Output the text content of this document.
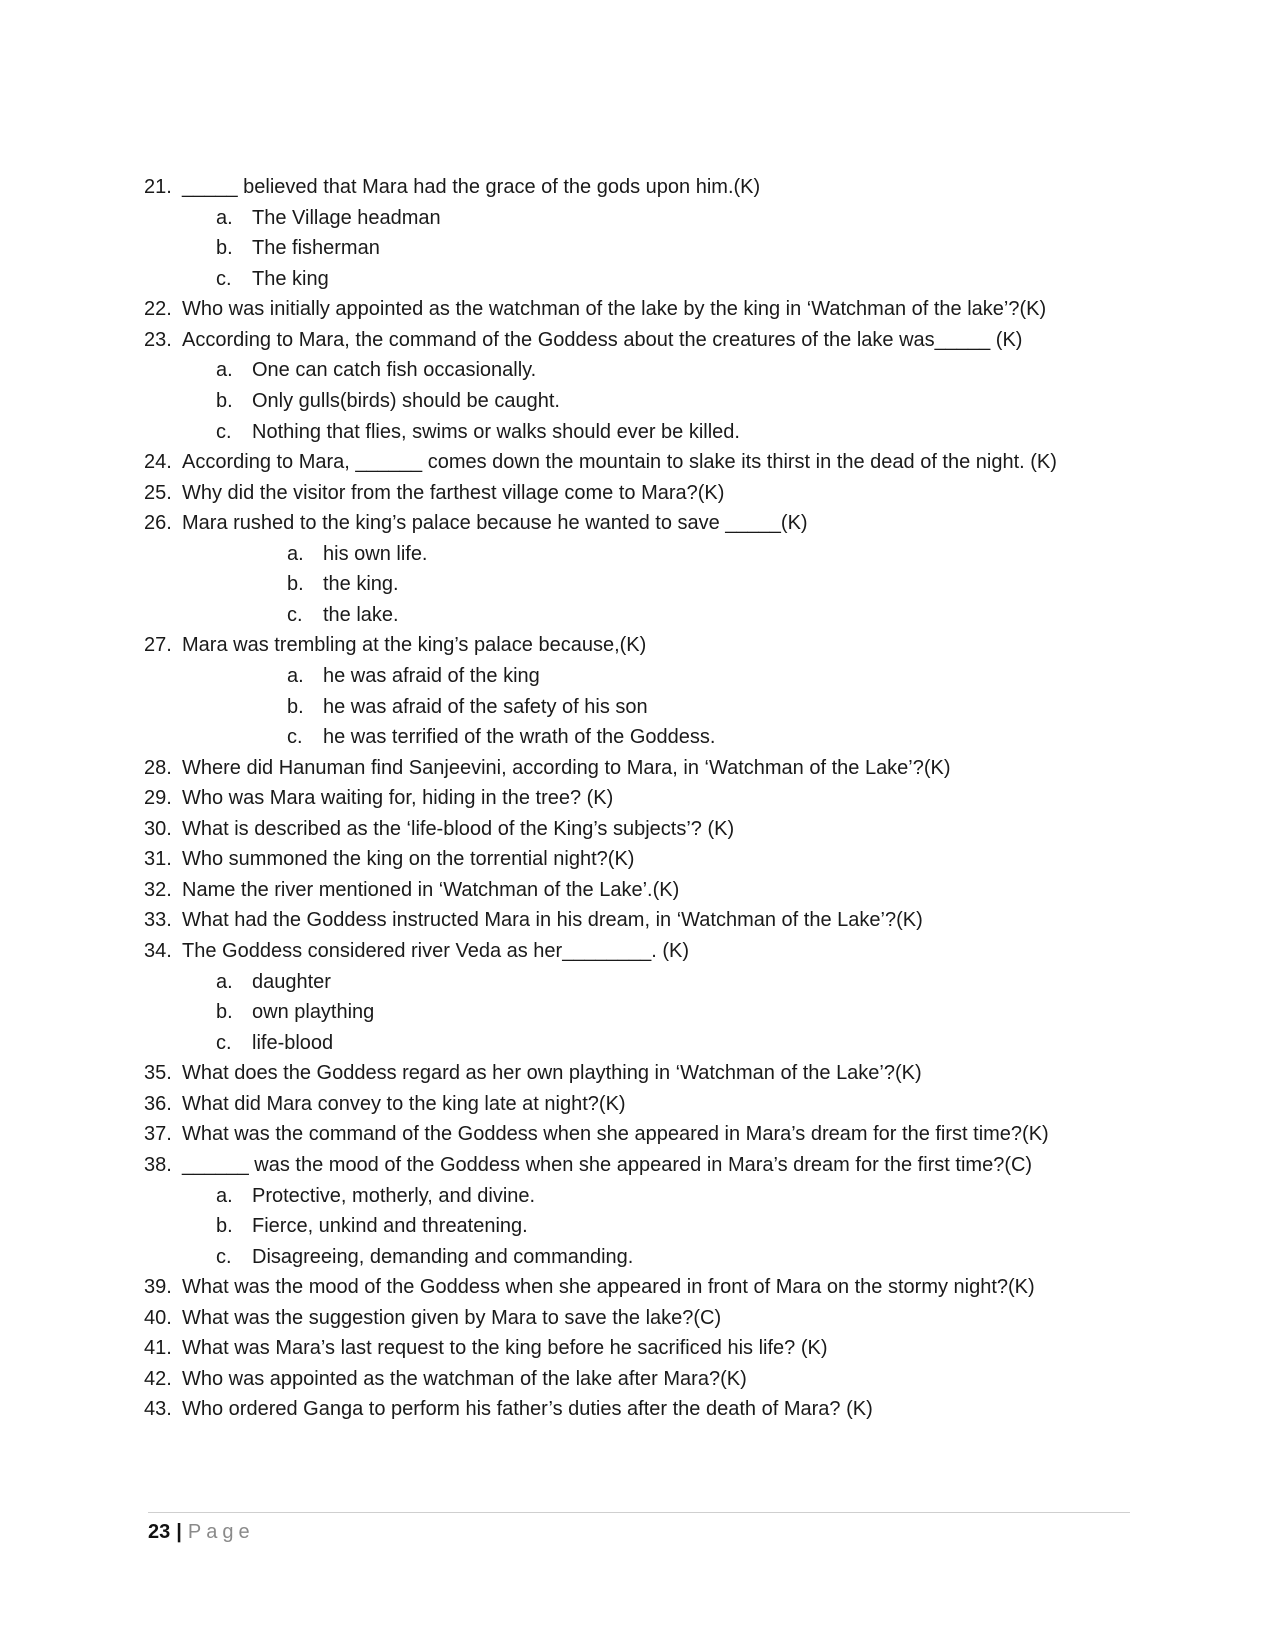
21. _____ believed that Mara had the grace of the gods upon him.(K)
a. The Village headman
b. The fisherman
c. The king
22. Who was initially appointed as the watchman of the lake by the king in ‘Watchman of the lake’?(K)
23. According to Mara, the command of the Goddess about the creatures of the lake was_____ (K)
a. One can catch fish occasionally.
b. Only gulls(birds) should be caught.
c. Nothing that flies, swims or walks should ever be killed.
24. According to Mara, ______ comes down the mountain to slake its thirst in the dead of the night. (K)
25. Why did the visitor from the farthest village come to Mara?(K)
26. Mara rushed to the king’s palace because he wanted to save _____(K)
a. his own life.
b. the king.
c. the lake.
27. Mara was trembling at the king’s palace because,(K)
a. he was afraid of the king
b. he was afraid of the safety of his son
c. he was terrified of the wrath of the Goddess.
28. Where did Hanuman find Sanjeevini, according to Mara, in ‘Watchman of the Lake’?(K)
29. Who was Mara waiting for, hiding in the tree? (K)
30. What is described as the ‘life-blood of the King’s subjects’? (K)
31. Who summoned the king on the torrential night?(K)
32. Name the river mentioned in ‘Watchman of the Lake’.(K)
33. What had the Goddess instructed Mara in his dream, in ‘Watchman of the Lake’?(K)
34. The Goddess considered river Veda as her________. (K)
a. daughter
b. own plaything
c. life-blood
35. What does the Goddess regard as her own plaything in ‘Watchman of the Lake’?(K)
36. What did Mara convey to the king late at night?(K)
37. What was the command of the Goddess when she appeared in Mara’s dream for the first time?(K)
38. ______ was the mood of the Goddess when she appeared in Mara’s dream for the first time?(C)
a. Protective, motherly, and divine.
b. Fierce, unkind and threatening.
c. Disagreeing, demanding and commanding.
39. What was the mood of the Goddess when she appeared in front of Mara on the stormy night?(K)
40. What was the suggestion given by Mara to save the lake?(C)
41. What was Mara’s last request to the king before he sacrificed his life? (K)
42. Who was appointed as the watchman of the lake after Mara?(K)
43. Who ordered Ganga to perform his father’s duties after the death of Mara? (K)
23 | Page
